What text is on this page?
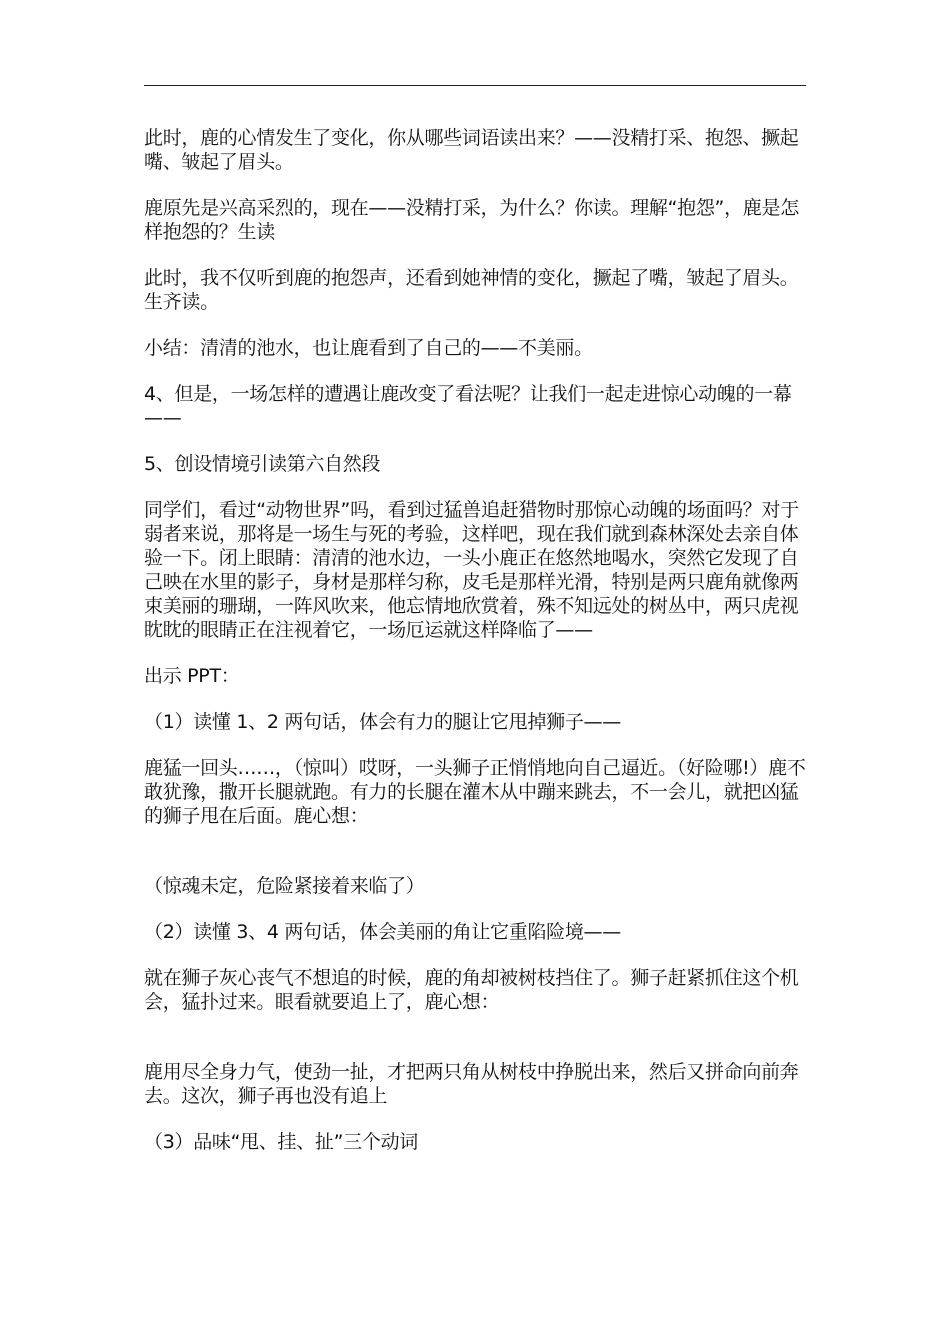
此时，鹿的心情发生了变化，你从哪些词语读出来？——没精打采、抱怨、撅起嘴、皱起了眉头。

鹿原先是兴高采烈的，现在——没精打采，为什么？你读。理解“抱怨”，鹿是怎样抱怨的？生读

此时，我不仅听到鹿的抱怨声，还看到她神情的变化，撅起了嘴，皱起了眉头。生齐读。

小结：清清的池水，也让鹿看到了自己的——不美丽。

4、但是，一场怎样的遭遇让鹿改变了看法呢？让我们一起走进惊心动魄的一幕——

5、创设情境引读第六自然段

同学们，看过“动物世界”吗，看到过猛兽追赶猎物时那惊心动魄的场面吗？对于弱者来说，那将是一场生与死的考验，这样吧，现在我们就到森林深处去亲自体验一下。闭上眼睛：清清的池水边，一头小鹿正在悠然地喝水，突然它发现了自己映在水里的影子，身材是那样匀称，皮毛是那样光滑，特别是两只鹿角就像两束美丽的珊瑚，一阵风吹来，他忘情地欣赏着，殊不知远处的树丛中，两只虎视眈眈的眼睛正在注视着它，一场厄运就这样降临了——

出示 PPT：

（1）读懂 1、2 两句话，体会有力的腿让它甩掉狮子——

鹿猛一回头……，（惊叫）哎呀，一头狮子正悄悄地向自己逼近。（好险哪!）鹿不敢犹豫，撒开长腿就跑。有力的长腿在灌木从中蹦来跳去，不一会儿，就把凶猛的狮子甩在后面。鹿心想：

（惊魂未定，危险紧接着来临了）

（2）读懂 3、4 两句话，体会美丽的角让它重陷险境——

就在狮子灰心丧气不想追的时候，鹿的角却被树枝挡住了。狮子赶紧抓住这个机会，猛扑过来。眼看就要追上了，鹿心想：

鹿用尽全身力气，使劲一扯，才把两只角从树枝中挣脱出来，然后又拼命向前奔去。这次，狮子再也没有追上

（3）品味“甩、挂、扯”三个动词
